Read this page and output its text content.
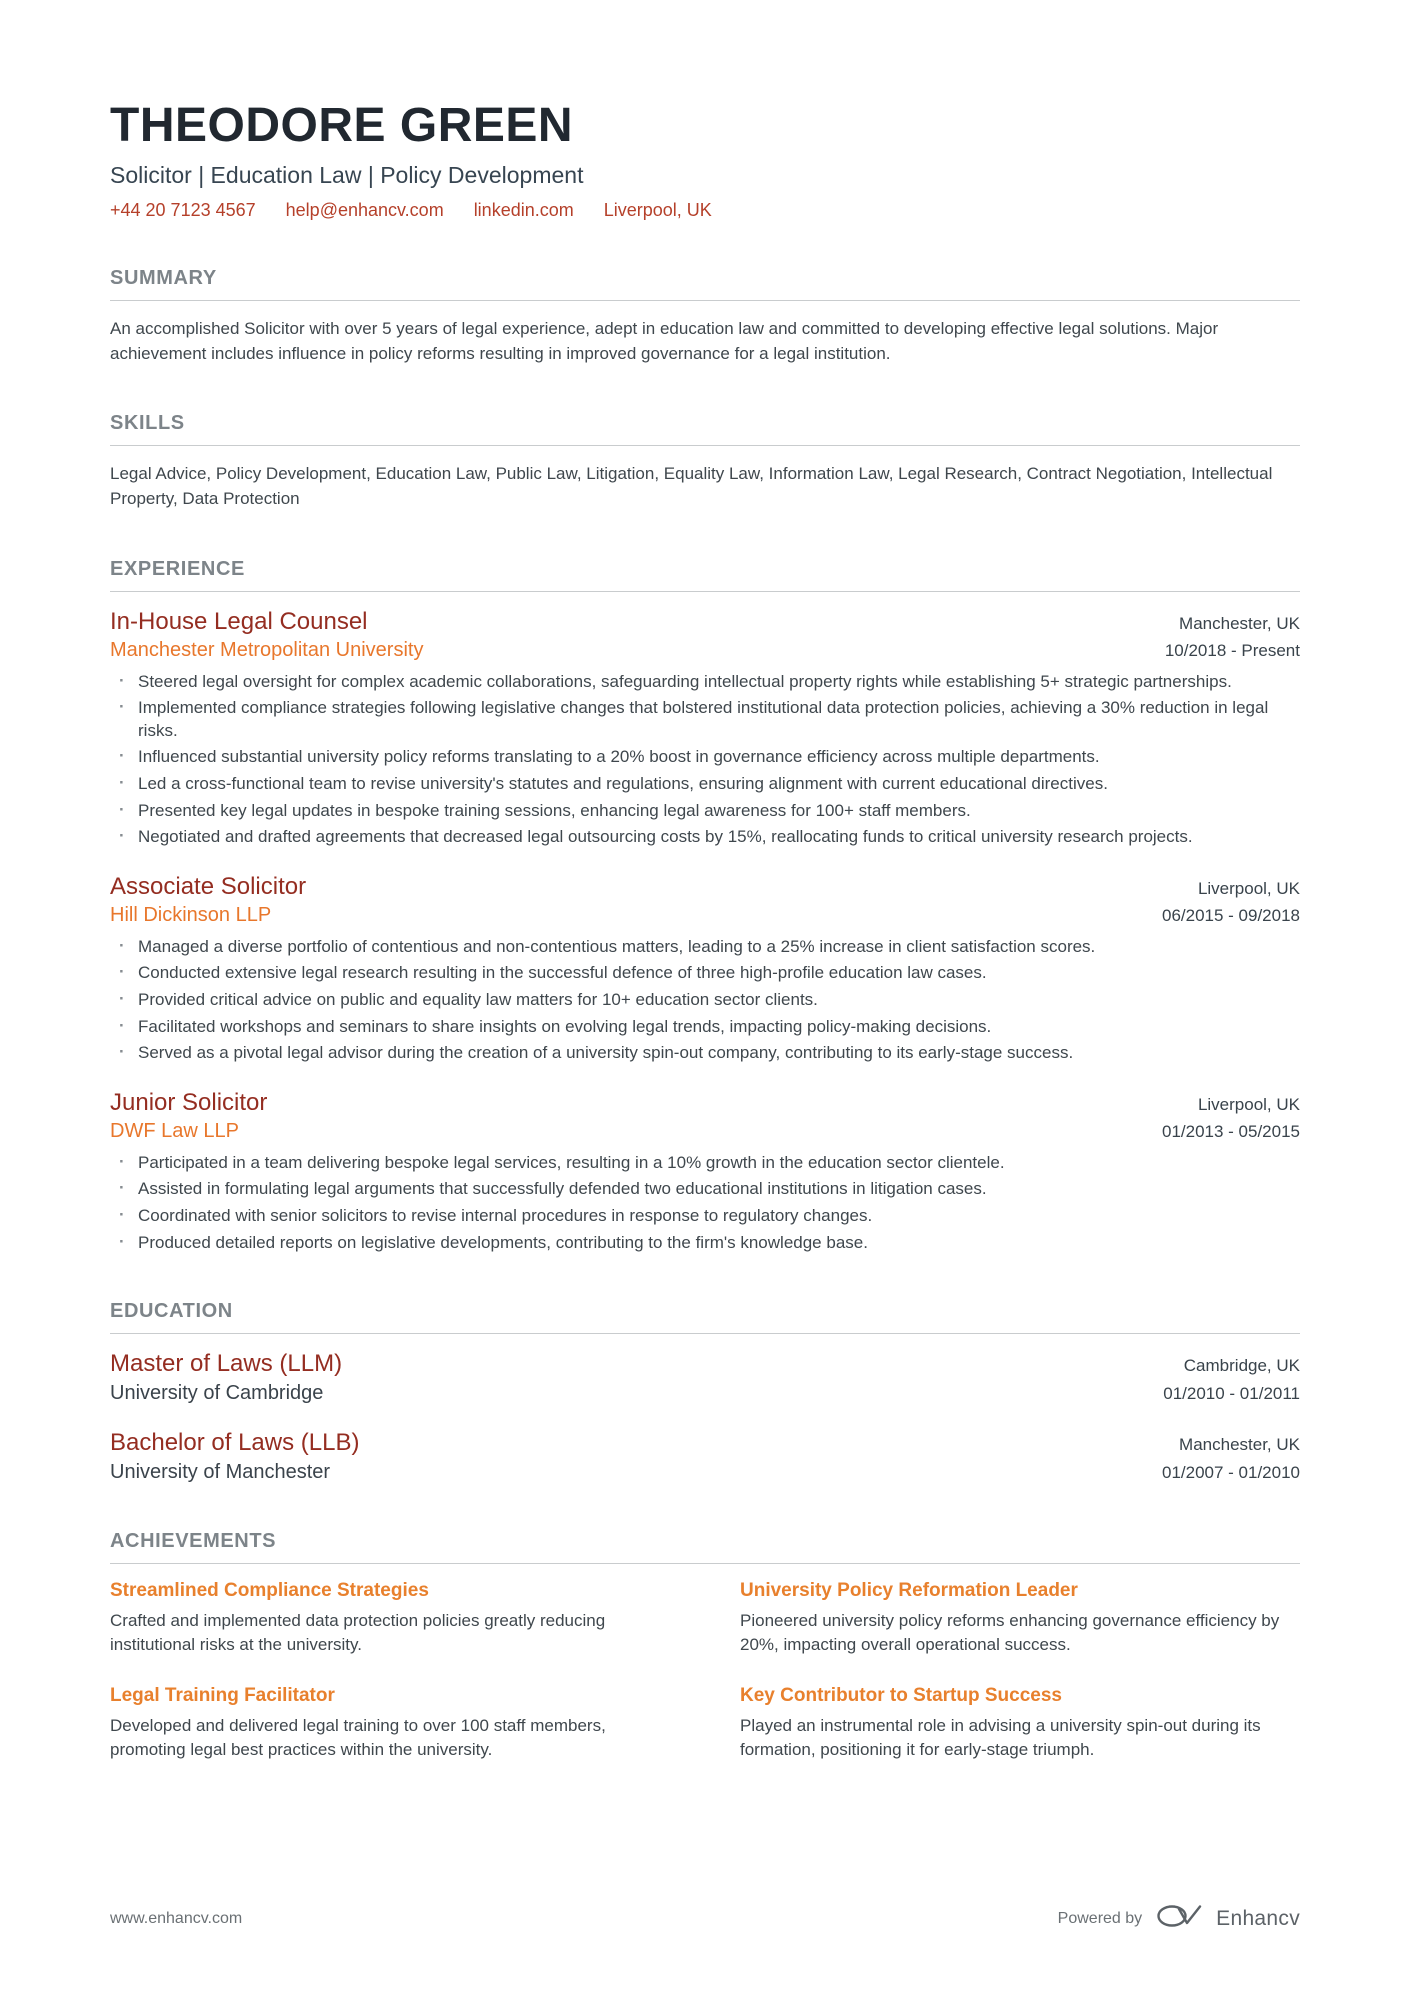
THEODORE GREEN
Solicitor | Education Law | Policy Development
+44 20 7123 4567 help@enhancv.com linkedin.com Liverpool, UK
SUMMARY

An accomplished Solicitor with over 5 years of legal experience, adept in education law and committed to developing effective legal solutions. Major achievement includes influence in policy reforms resulting in improved governance for a legal institution.

SKILLS

Legal Advice, Policy Development, Education Law, Public Law, Litigation, Equality Law, Information Law, Legal Research, Contract Negotiation, Intellectual Property, Data Protection

EXPERIENCE
In-House Legal Counsel	Manchester, UK
Manchester Metropolitan University	10/2018 - Present
· Steered legal oversight for complex academic collaborations, safeguarding intellectual property rights while establishing 5+ strategic partnerships.
· Implemented compliance strategies following legislative changes that bolstered institutional data protection policies, achieving a 30% reduction in legal risks.
· Influenced substantial university policy reforms translating to a 20% boost in governance efficiency across multiple departments.
· Led a cross-functional team to revise university's statutes and regulations, ensuring alignment with current educational directives.
· Presented key legal updates in bespoke training sessions, enhancing legal awareness for 100+ staff members.
· Negotiated and drafted agreements that decreased legal outsourcing costs by 15%, reallocating funds to critical university research projects.
Associate Solicitor	Liverpool, UK
Hill Dickinson LLP	06/2015 - 09/2018
· Managed a diverse portfolio of contentious and non-contentious matters, leading to a 25% increase in client satisfaction scores.
· Conducted extensive legal research resulting in the successful defence of three high-profile education law cases.
· Provided critical advice on public and equality law matters for 10+ education sector clients.
· Facilitated workshops and seminars to share insights on evolving legal trends, impacting policy-making decisions.
· Served as a pivotal legal advisor during the creation of a university spin-out company, contributing to its early-stage success.
Junior Solicitor	Liverpool, UK
DWF Law LLP	01/2013 - 05/2015
· Participated in a team delivering bespoke legal services, resulting in a 10% growth in the education sector clientele.
· Assisted in formulating legal arguments that successfully defended two educational institutions in litigation cases.
· Coordinated with senior solicitors to revise internal procedures in response to regulatory changes.
· Produced detailed reports on legislative developments, contributing to the firm's knowledge base.
EDUCATION
Master of Laws (LLM)	Cambridge, UK
University of Cambridge	01/2010 - 01/2011
Bachelor of Laws (LLB)	Manchester, UK
University of Manchester	01/2007 - 01/2010
ACHIEVEMENTS
Streamlined Compliance Strategies
Crafted and implemented data protection policies greatly reducing institutional risks at the university.
University Policy Reformation Leader
Pioneered university policy reforms enhancing governance efficiency by 20%, impacting overall operational success.
Legal Training Facilitator
Developed and delivered legal training to over 100 staff members, promoting legal best practices within the university.
Key Contributor to Startup Success
Played an instrumental role in advising a university spin-out during its formation, positioning it for early-stage triumph.
www.enhancv.com	Powered by	Enhancv
